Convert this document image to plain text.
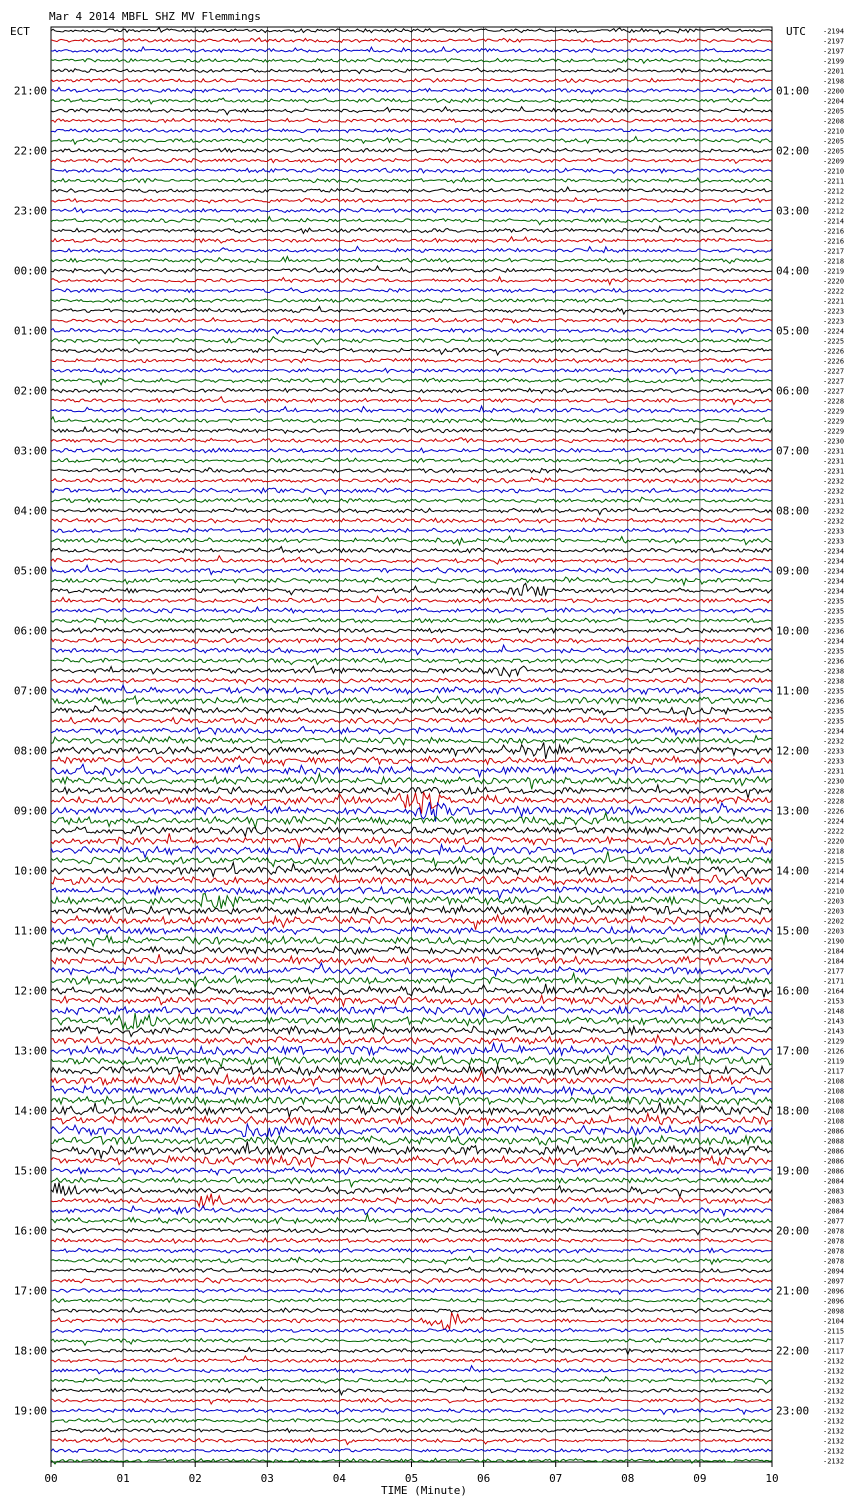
Mar 4 2014 MBFL SHZ MV Flemmings
ECT	UTC
21:00
22:00
23:00
00:00
01:00
02:00
03:00
04:00
05:00
06:00
07:00
08:00
09:00
10:00
11:00
12:00
13:00
14:00
15:00
16:00
17:00
18:00
19:00
01:00
02:00
03:00
04:00
05:00
06:00
07:00
08:00
09:00
10:00
11:00
12:00
13:00
14:00
15:00
16:00
17:00
18:00
19:00
20:00
21:00
22:00
23:00
-2194
-2197
-2197
-2199
-2201
-2198
-2200
-2204
-2205
-2208
-2210
-2205
-2205
-2209
-2210
-2211
-2212
-2212
-2212
-2214
-2216
-2216
-2217
-2218
-2219
-2220
-2222
-2221
-2223
-2223
-2224
-2225
-2226
-2226
-2227
-2227
-2227
-2228
-2229
-2229
-2229
-2230
-2231
-2231
-2231
-2232
-2232
-2231
-2232
-2232
-2233
-2233
-2234
-2234
-2234
-2234
-2234
-2235
-2235
-2235
-2236
-2234
-2235
-2236
-2238
-2238
-2235
-2236
-2235
-2235
-2234
-2232
-2233
-2233
-2231
-2230
-2228
-2228
-2226
-2224
-2222
-2220
-2218
-2215
-2214
-2214
-2210
-2203
-2203
-2202
-2203
-2190
-2184
-2184
-2177
-2171
-2164
-2153
-2148
-2143
-2143
-2129
-2126
-2119
-2117
-2108
-2108
-2108
-2108
-2108
-2086
-2088
-2086
-2086
-2086
-2084
-2083
-2083
-2084
-2077
-2078
-2078
-2078
-2078
-2094
-2097
-2096
-2096
-2098
-2104
-2115
-2117
-2117
-2132
-2132
-2132
-2132
-2132
-2132
-2132
-2132
-2132
-2132
-2132
00	01	02	03	04	05	06	07	08	09	10
TIME (Minute)
